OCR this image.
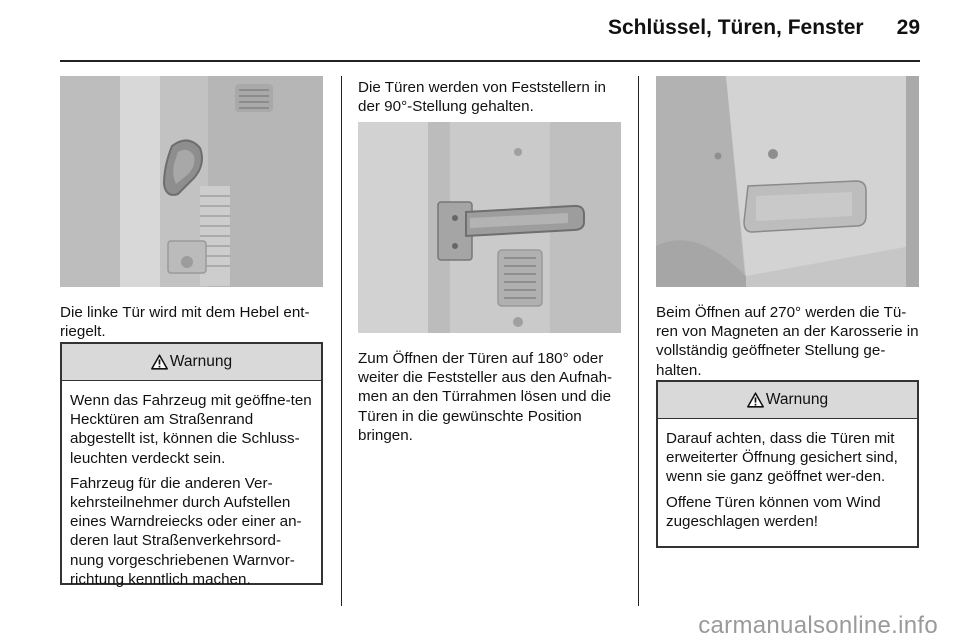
Schlüssel, Türen, Fenster	29

Die linke Tür wird mit dem Hebel ent-riegelt.

Warnung

Wenn das Fahrzeug mit geöffne-ten Hecktüren am Straßenrand abgestellt ist, können die Schluss-leuchten verdeckt sein.

Fahrzeug für die anderen Ver-kehrsteilnehmer durch Aufstellen eines Warndreiecks oder einer an-deren laut Straßenverkehrsord-nung vorgeschriebenen Warnvor-richtung kenntlich machen.

Die Türen werden von Feststellern in der 90°-Stellung gehalten.

Zum Öffnen der Türen auf 180° oder weiter die Feststeller aus den Aufnah-men an den Türrahmen lösen und die Türen in die gewünschte Position bringen.

Beim Öffnen auf 270° werden die Tü-ren von Magneten an der Karosserie in vollständig geöffneter Stellung ge-halten.

Warnung

Darauf achten, dass die Türen mit erweiterter Öffnung gesichert sind, wenn sie ganz geöffnet wer-den.

Offene Türen können vom Wind zugeschlagen werden!

carmanualsonline.info
